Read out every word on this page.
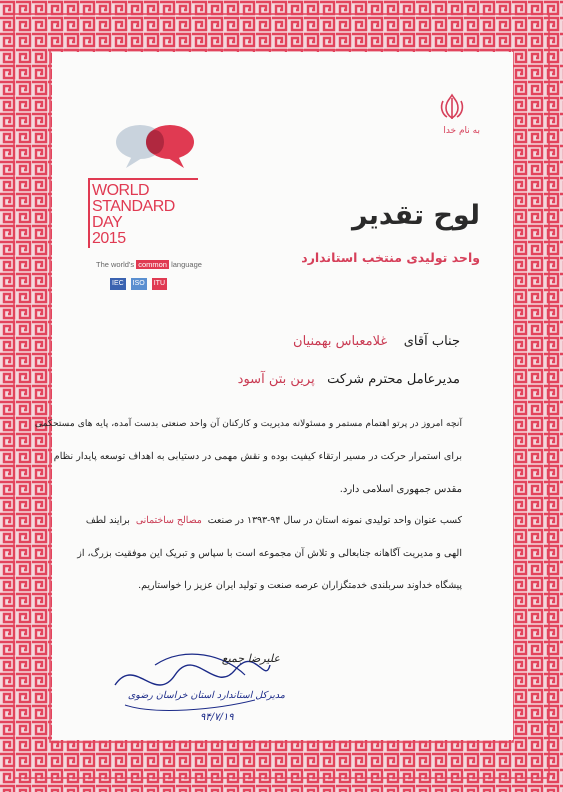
به نام خدا
WORLD
STANDARD
DAY
2015
The world's common language
IEC ISO ITU
لوح تقدیر
واحد تولیدی منتخب استاندارد
جناب آقای    غلامعباس بهمنیان
مدیرعامل محترم شرکت   پرین بتن آسود
آنچه امروز در پرتو اهتمام مستمر و مسئولانه مدیریت و کارکنان آن واحد صنعتی بدست آمده، پایه های مستحکمی
برای استمرار حرکت در مسیر ارتقاء کیفیت بوده و نقش مهمی در دستیابی به اهداف توسعه پایدار نظام
مقدس جمهوری اسلامی دارد.
کسب عنوان واحد تولیدی نمونه استان در سال ۹۴-۱۳۹۳ در صنعت  مصالح ساختمانی  برایند لطف
الهی و مدیریت آگاهانه جنابعالی و تلاش آن مجموعه است با سپاس و تبریک این موفقیت بزرگ، از
پیشگاه خداوند سربلندی خدمتگزاران عرصه صنعت و تولید ایران عزیز را خواستاریم.
علیرضا جمیع
مدیرکل استاندارد استان خراسان رضوی
۹۴/۷/۱۹
